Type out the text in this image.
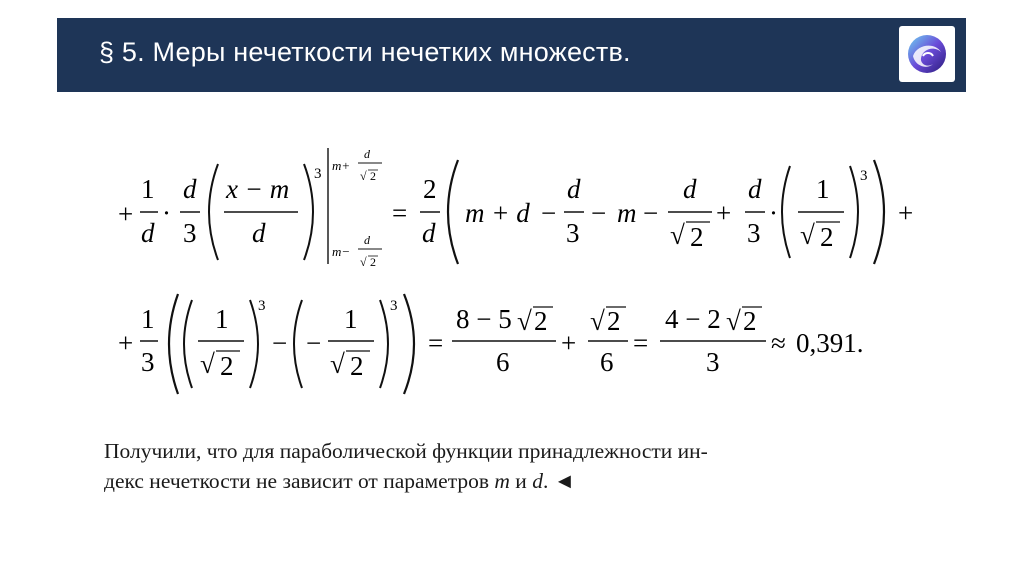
§ 5. Меры нечеткости нечетких множеств.
+
1
d
·
d
3
x − m
d
3
m+
d
√ 2
m−
d
√ 2
=
2
d
m + d −
d
3
− m −
d
√ 2
+
d
3
·
1
√ 2
3
+
+
1
3
1
√ 2
3
− −
1
√ 2
3
=
8 − 5 √ 2
6
+
√ 2
6
=
4 − 2 √ 2
3
≈ 0,391.
Получили, что для параболической функции принадлежности ин-
декс нечеткости не зависит от параметров m и d. ◄
